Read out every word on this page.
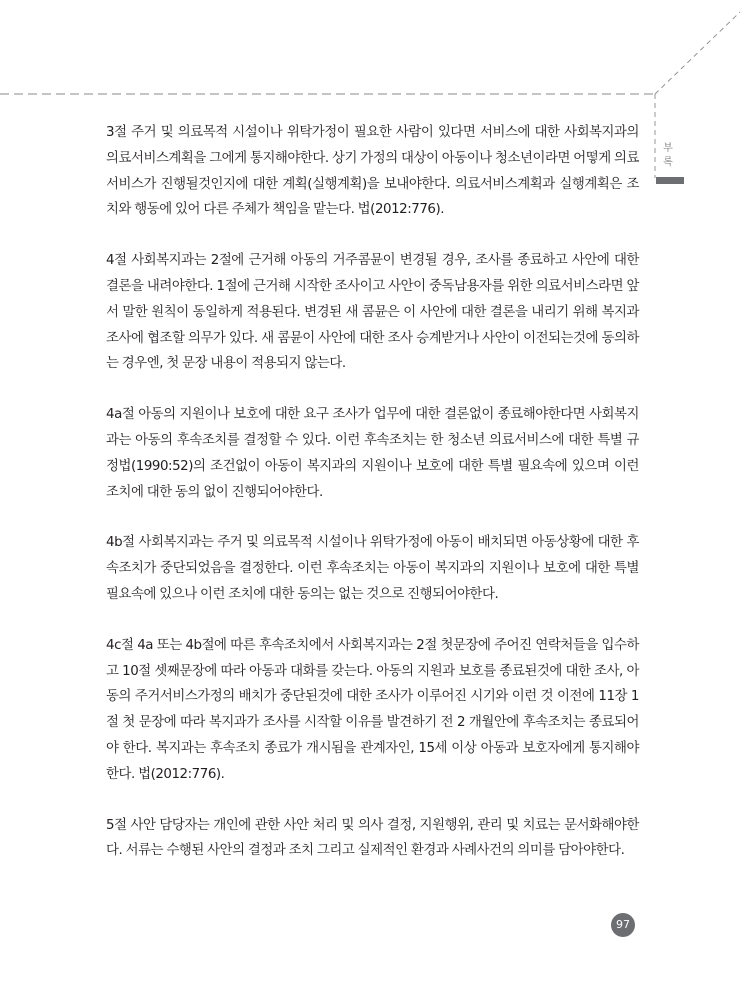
부
록

3절 주거 및 의료목적 시설이나 위탁가정이 필요한 사람이 있다면 서비스에 대한 사회복지과의 의료서비스계획을 그에게 통지해야한다. 상기 가정의 대상이 아동이나 청소년이라면 어떻게 의료서비스가 진행될것인지에 대한 계획(실행계획)을 보내야한다. 의료서비스계획과 실행계획은 조치와 행동에 있어 다른 주체가 책임을 맡는다. 법(2012:776).

4절 사회복지과는 2절에 근거해 아동의 거주콤뮨이 변경될 경우, 조사를 종료하고 사안에 대한 결론을 내려야한다. 1절에 근거해 시작한 조사이고 사안이 중독남용자를 위한 의료서비스라면 앞서 말한 원칙이 동일하게 적용된다. 변경된 새 콤뮨은 이 사안에 대한 결론을 내리기 위해 복지과 조사에 협조할 의무가 있다. 새 콤뮨이 사안에 대한 조사 승계받거나 사안이 이전되는것에 동의하는 경우엔, 첫 문장 내용이 적용되지 않는다.

4a절 아동의 지원이나 보호에 대한 요구 조사가 업무에 대한 결론없이 종료해야한다면 사회복지과는 아동의 후속조치를 결정할 수 있다. 이런 후속조치는 한 청소년 의료서비스에 대한 특별 규정법(1990:52)의 조건없이 아동이 복지과의 지원이나 보호에 대한 특별 필요속에 있으며 이런 조치에 대한 동의 없이 진행되어야한다.

4b절 사회복지과는 주거 및 의료목적 시설이나 위탁가정에 아동이 배치되면 아동상황에 대한 후속조치가 중단되었음을 결정한다. 이런 후속조치는 아동이 복지과의 지원이나 보호에 대한 특별 필요속에 있으나 이런 조치에 대한 동의는 없는 것으로 진행되어야한다.

4c절 4a 또는 4b절에 따른 후속조치에서 사회복지과는 2절 첫문장에 주어진 연락처들을 입수하고 10절 셋째문장에 따라 아동과 대화를 갖는다. 아동의 지원과 보호를 종료된것에 대한 조사, 아동의 주거서비스가정의 배치가 중단된것에 대한 조사가 이루어진 시기와 이런 것 이전에 11장 1절 첫 문장에 따라 복지과가 조사를 시작할 이유를 발견하기 전 2 개월안에 후속조치는 종료되어야 한다. 복지과는 후속조치 종료가 개시됨을 관계자인, 15세 이상 아동과 보호자에게 통지해야한다. 법(2012:776).

5절 사안 담당자는 개인에 관한 사안 처리 및 의사 결정, 지원행위, 관리 및 치료는 문서화해야한다. 서류는 수행된 사안의 결정과 조치 그리고 실제적인 환경과 사례사건의 의미를 담아야한다.

97
